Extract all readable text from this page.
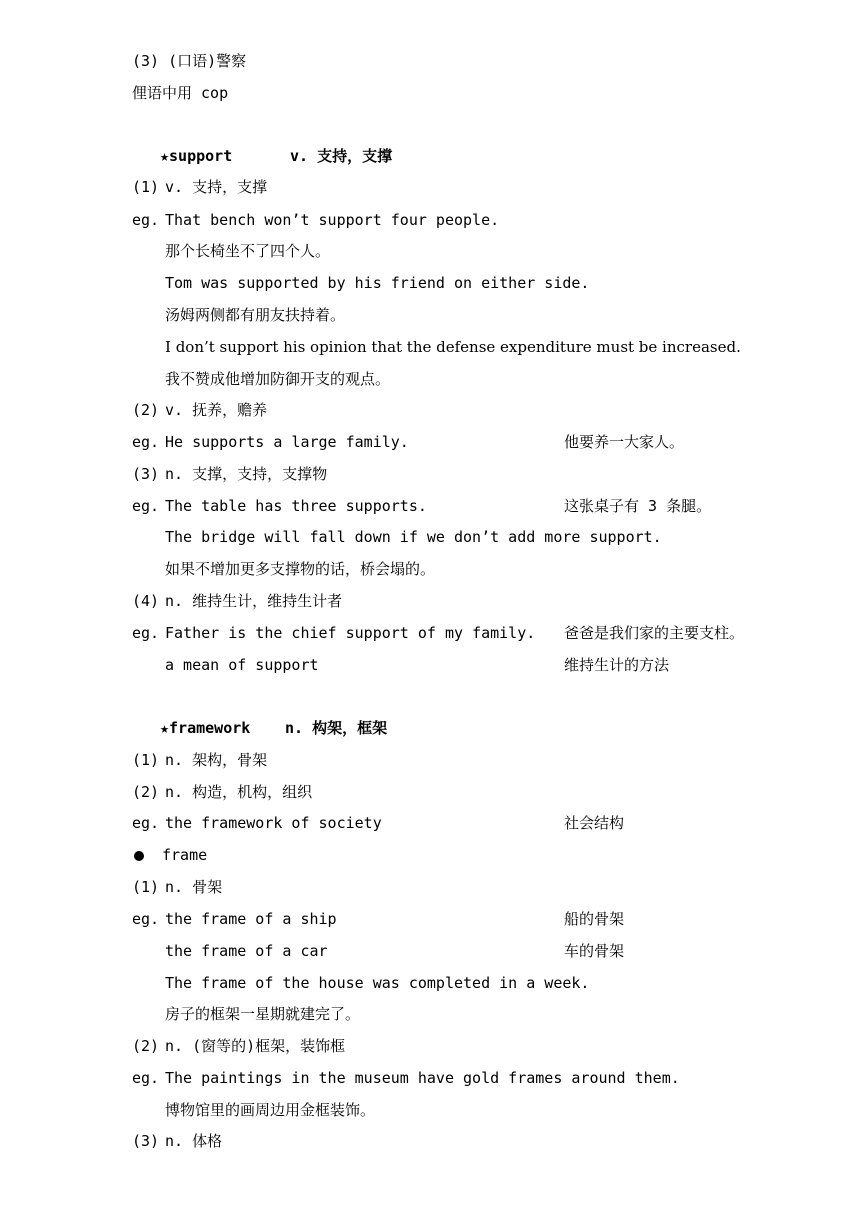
(3) (口语)警察
俚语中用 cop
★support	v. 支持，支撑
(1) v. 支持，支撑
eg. That bench won’t support four people.
那个长椅坐不了四个人。
Tom was supported by his friend on either side.
汤姆两侧都有朋友扶持着。
I don’t support his opinion that the defense expenditure must be increased.
我不赞成他增加防御开支的观点。
(2) v. 抚养，赡养
eg. He supports a large family.	他要养一大家人。
(3) n. 支撑，支持，支撑物
eg. The table has three supports.	这张桌子有 3 条腿。
The bridge will fall down if we don’t add more support.
如果不增加更多支撑物的话，桥会塌的。
(4) n. 维持生计，维持生计者
eg. Father is the chief support of my family. 爸爸是我们家的主要支柱。
a mean of support	维持生计的方法
★framework n. 构架，框架
(1) n. 架构，骨架
(2) n. 构造，机构，组织
eg. the framework of society	社会结构
frame
(1) n. 骨架
eg. the frame of a ship	船的骨架
the frame of a car	车的骨架
The frame of the house was completed in a week.
房子的框架一星期就建完了。
(2) n. (窗等的)框架，装饰框
eg. The paintings in the museum have gold frames around them.
博物馆里的画周边用金框装饰。
(3) n. 体格
